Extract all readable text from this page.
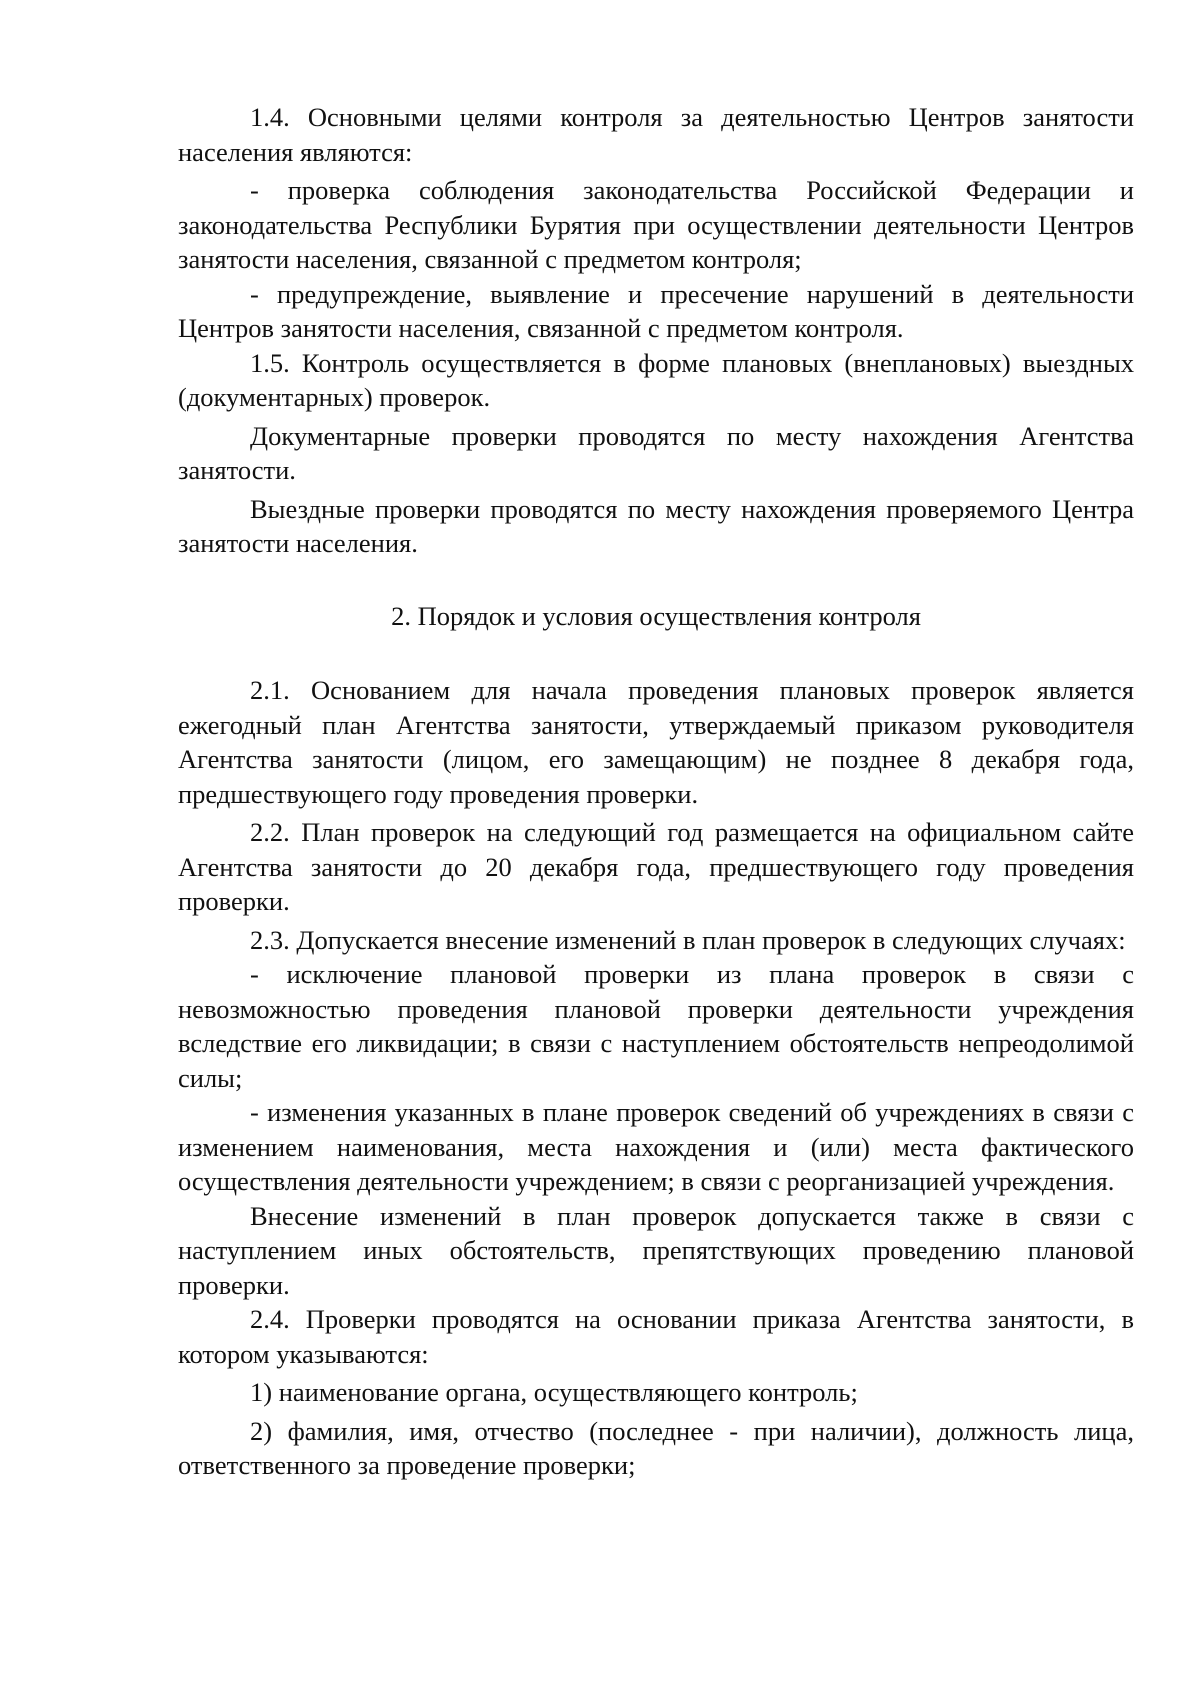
1.4. Основными целями контроля за деятельностью Центров занятости населения являются:

- проверка соблюдения законодательства Российской Федерации и законодательства Республики Бурятия при осуществлении деятельности Центров занятости населения, связанной с предметом контроля;

- предупреждение, выявление и пресечение нарушений в деятельности Центров занятости населения, связанной с предметом контроля.

1.5. Контроль осуществляется в форме плановых (внеплановых) выездных (документарных) проверок.

Документарные проверки проводятся по месту нахождения Агентства занятости.

Выездные проверки проводятся по месту нахождения проверяемого Центра занятости населения.

2. Порядок и условия осуществления контроля

2.1. Основанием для начала проведения плановых проверок является ежегодный план Агентства занятости, утверждаемый приказом руководителя Агентства занятости (лицом, его замещающим) не позднее 8 декабря года, предшествующего году проведения проверки.

2.2. План проверок на следующий год размещается на официальном сайте Агентства занятости до 20 декабря года, предшествующего году проведения проверки.

2.3. Допускается внесение изменений в план проверок в следующих случаях:

- исключение плановой проверки из плана проверок в связи с невозможностью проведения плановой проверки деятельности учреждения вследствие его ликвидации; в связи с наступлением обстоятельств непреодолимой силы;

- изменения указанных в плане проверок сведений об учреждениях в связи с изменением наименования, места нахождения и (или) места фактического осуществления деятельности учреждением; в связи с реорганизацией учреждения.

Внесение изменений в план проверок допускается также в связи с наступлением иных обстоятельств, препятствующих проведению плановой проверки.

2.4. Проверки проводятся на основании приказа Агентства занятости, в котором указываются:

1) наименование органа, осуществляющего контроль;

2) фамилия, имя, отчество (последнее - при наличии), должность лица, ответственного за проведение проверки;
